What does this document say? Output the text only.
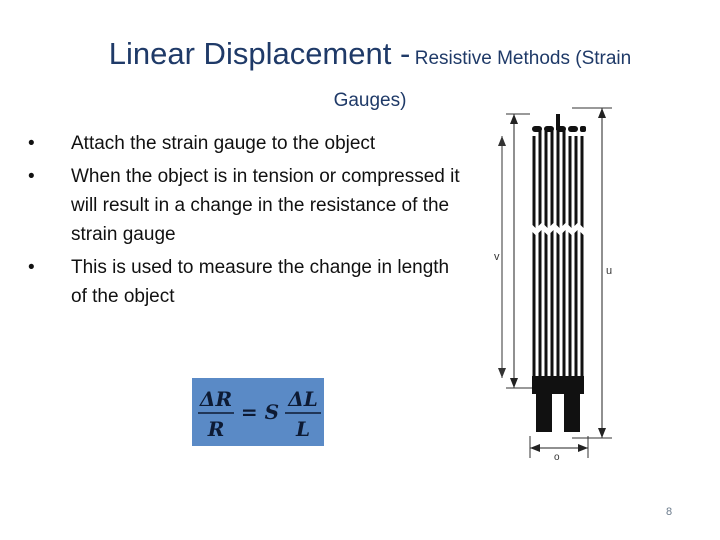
Linear Displacement - Resistive Methods (Strain
Gauges)
• Attach the strain gauge to the object
• When the object is in tension or compressed it will result in a change in the resistance of the strain gauge
• This is used to measure the change in length of the object
ΔR
R
= S
ΔL
L
v
u
o
8
